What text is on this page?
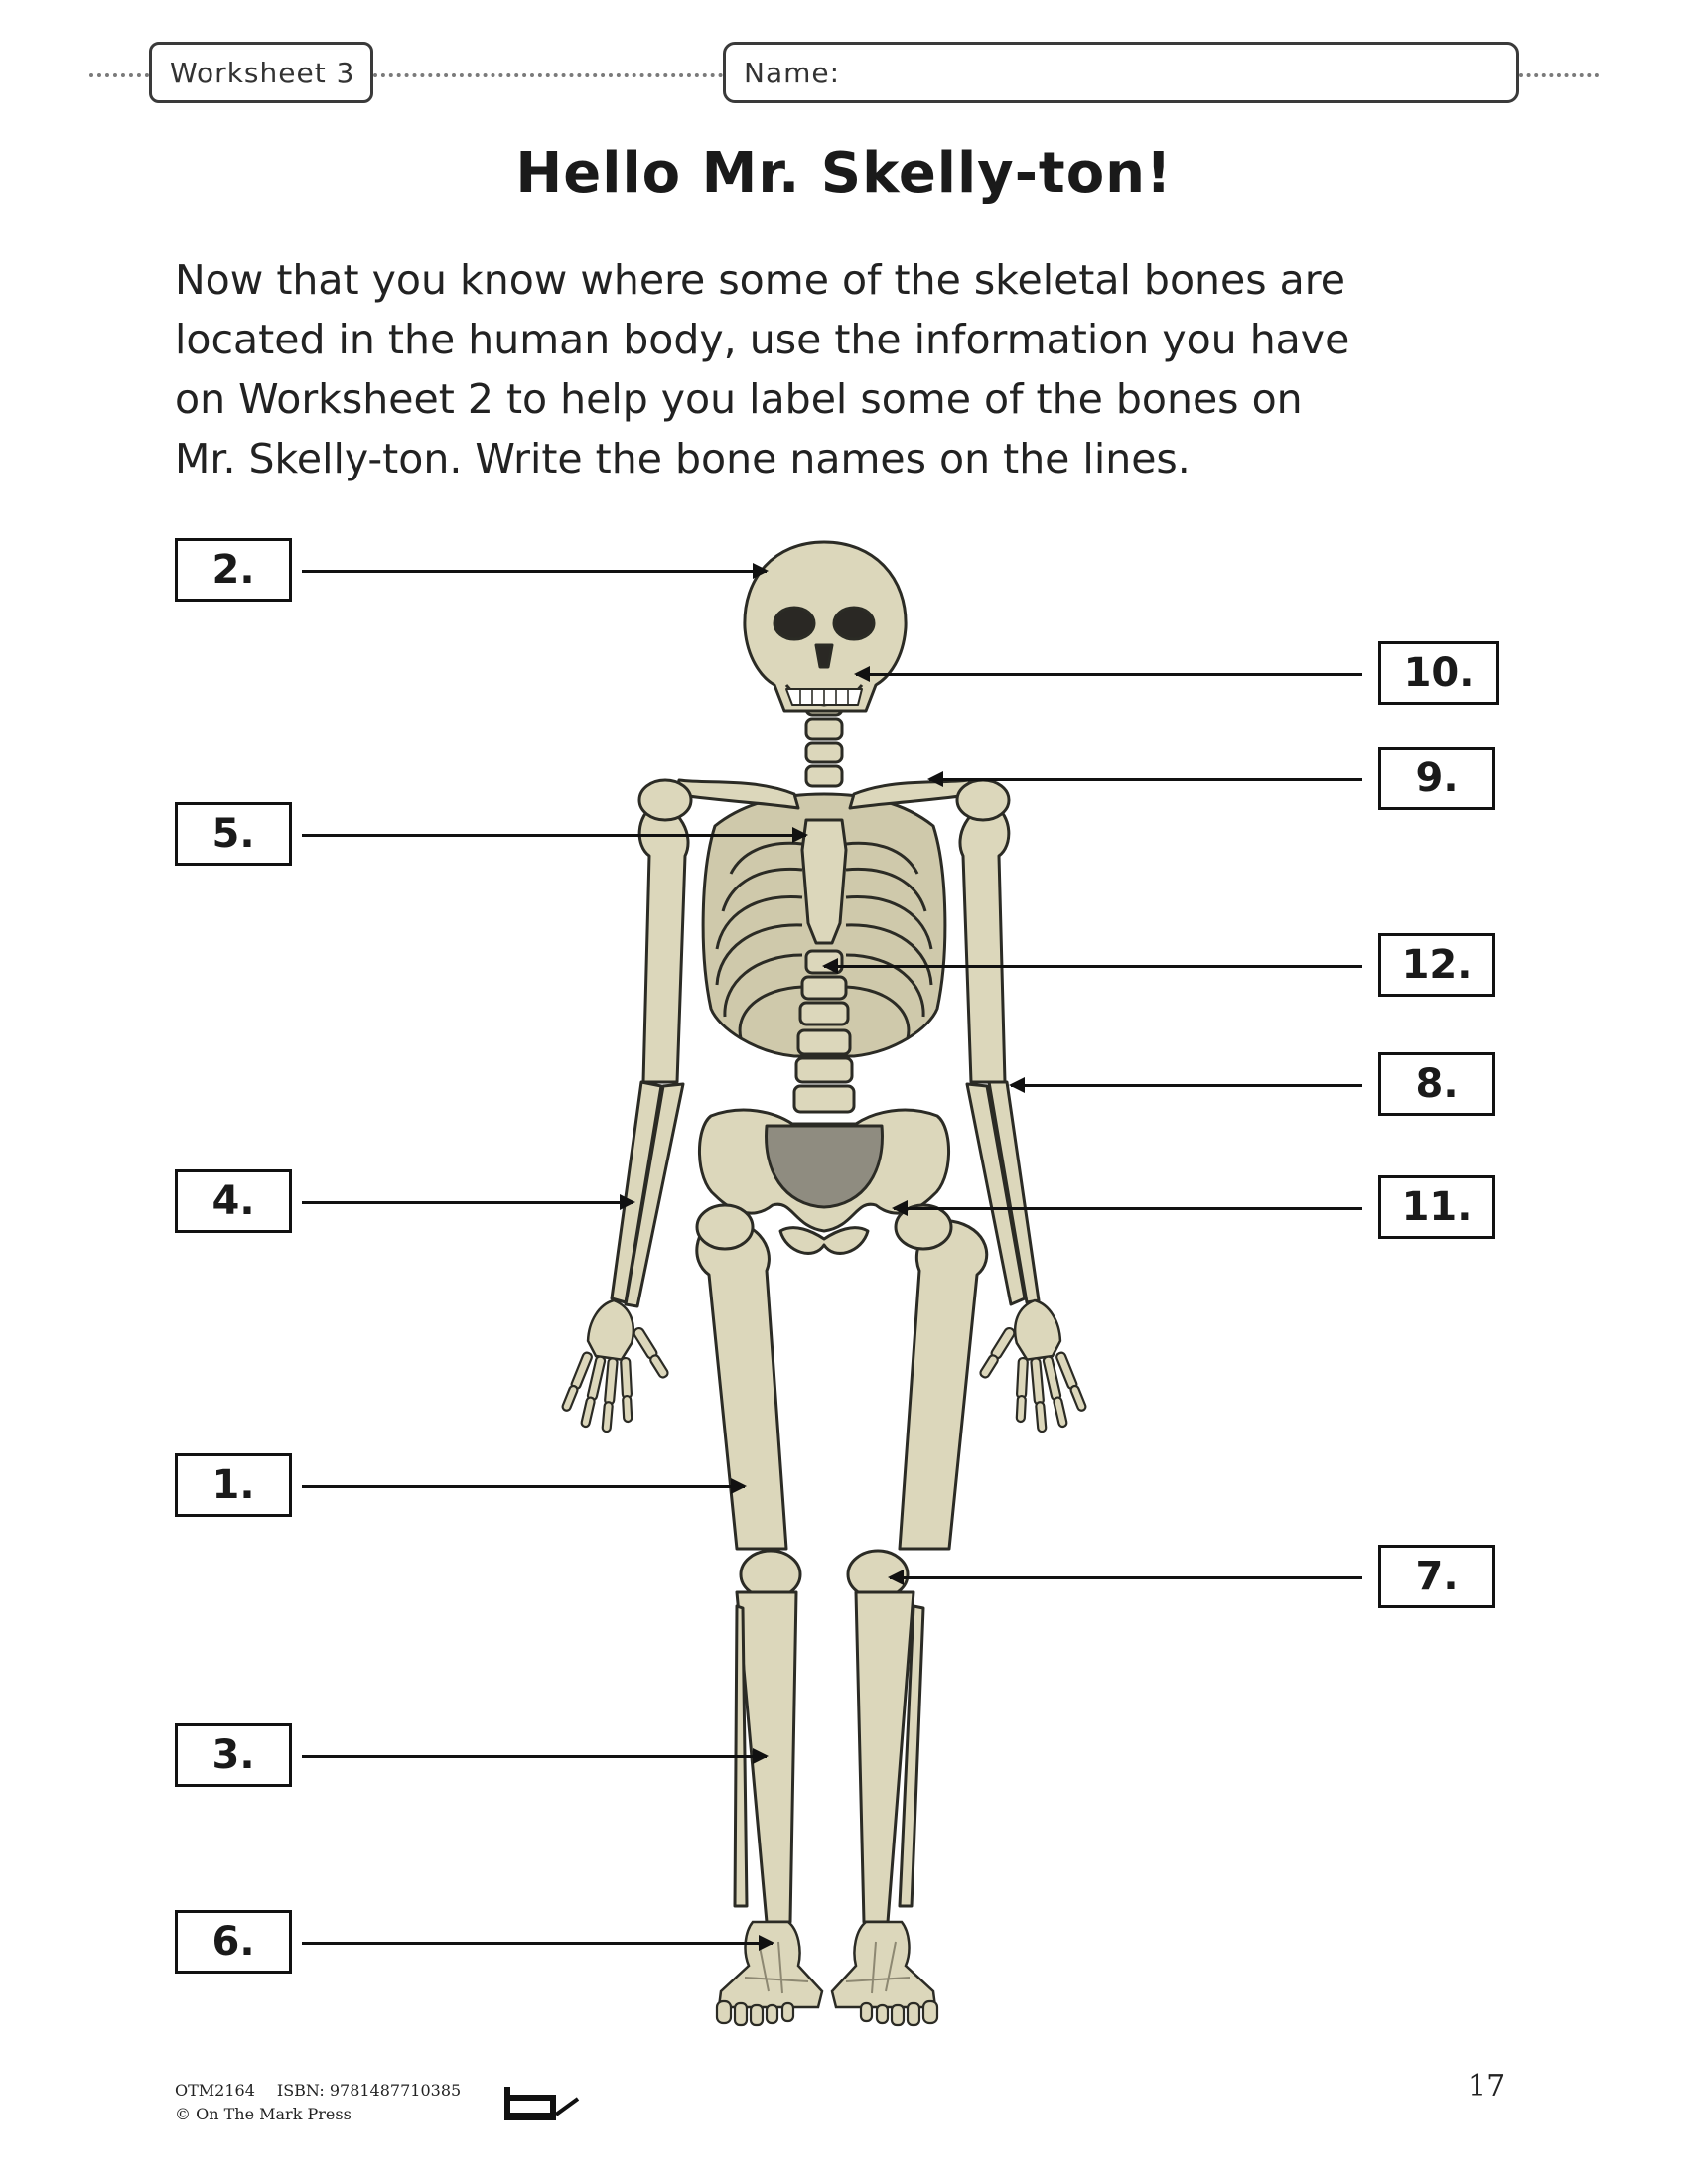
Worksheet 3	Name:
Hello Mr. Skelly-ton!

Now that you know where some of the skeletal bones are

located in the human body, use the information you have

on Worksheet 2 to help you label some of the bones on

Mr. Skelly-ton. Write the bone names on the lines.

2.
5.
4.
1.
3.
6.
10.
9.
12.
8.
11.
7.
OTM2164 ISBN: 9781487710385
© On The Mark Press
17
